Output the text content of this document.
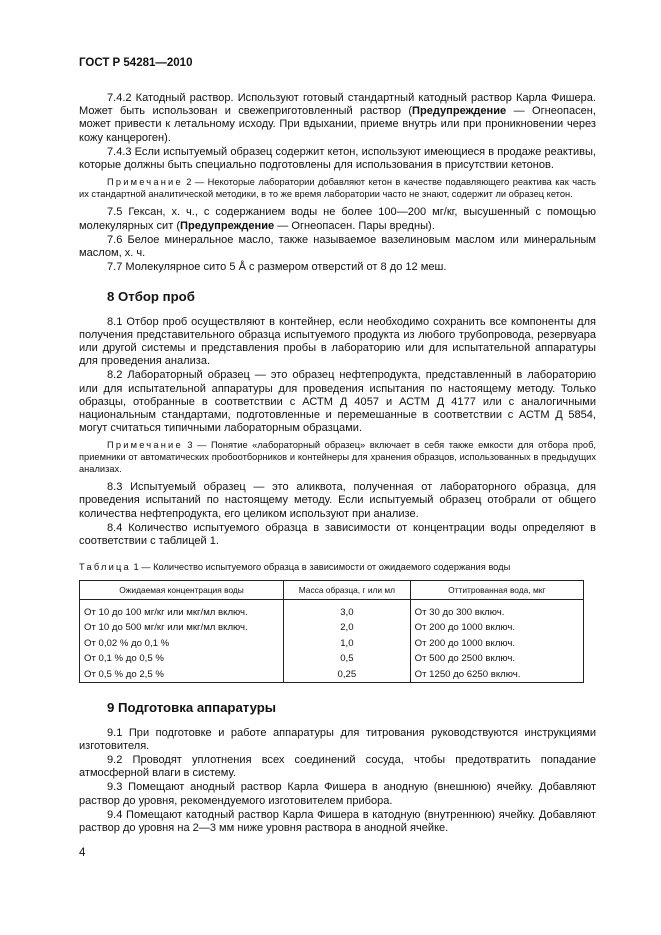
ГОСТ Р 54281—2010

7.4.2 Катодный раствор. Используют готовый стандартный катодный раствор Карла Фишера. Может быть использован и свежеприготовленный раствор (Предупреждение — Огнеопасен, может привести к летальному исходу. При вдыхании, приеме внутрь или при проникновении через кожу канцероген).

7.4.3 Если испытуемый образец содержит кетон, используют имеющиеся в продаже реактивы, которые должны быть специально подготовлены для использования в присутствии кетонов.

Примечание 2 — Некоторые лаборатории добавляют кетон в качестве подавляющего реактива как часть их стандартной аналитической методики, в то же время лаборатории часто не знают, содержит ли образец кетон.

7.5 Гексан, х. ч., с содержанием воды не более 100—200 мг/кг, высушенный с помощью молекулярных сит (Предупреждение — Огнеопасен. Пары вредны).

7.6 Белое минеральное масло, также называемое вазелиновым маслом или минеральным маслом, х. ч.

7.7 Молекулярное сито 5 Å с размером отверстий от 8 до 12 меш.

8 Отбор проб

8.1 Отбор проб осуществляют в контейнер, если необходимо сохранить все компоненты для получения представительного образца испытуемого продукта из любого трубопровода, резервуара или другой системы и представления пробы в лабораторию или для испытательной аппаратуры для проведения анализа.

8.2 Лабораторный образец — это образец нефтепродукта, представленный в лабораторию или для испытательной аппаратуры для проведения испытания по настоящему методу. Только образцы, отобранные в соответствии с АСТМ Д 4057 и АСТМ Д 4177 или с аналогичными национальным стандартами, подготовленные и перемешанные в соответствии с АСТМ Д 5854, могут считаться типичными лабораторным образцами.

Примечание 3 — Понятие «лабораторный образец» включает в себя также емкости для отбора проб, приемники от автоматических пробоотборников и контейнеры для хранения образцов, использованных в предыдущих анализах.

8.3 Испытуемый образец — это аликвота, полученная от лабораторного образца, для проведения испытаний по настоящему методу. Если испытуемый образец отобрали от общего количества нефтепродукта, его целиком используют при анализе.

8.4 Количество испытуемого образца в зависимости от концентрации воды определяют в соответствии с таблицей 1.

Таблица 1 — Количество испытуемого образца в зависимости от ожидаемого содержания воды
Ожидаемая концентрация воды	Масса образца, г или мл	Оттитрованная вода, мкг
От 10 до 100 мг/кг или мкг/мл включ.	3,0	От 30 до 300 включ.
От 10 до 500 мг/кг или мкг/мл включ.	2,0	От 200 до 1000 включ.
От 0,02 % до 0,1 %	1,0	От 200 до 1000 включ.
От 0,1 % до 0,5 %	0,5	От 500 до 2500 включ.
От 0,5 % до 2,5 %	0,25	От 1250 до 6250 включ.
9 Подготовка аппаратуры

9.1 При подготовке и работе аппаратуры для титрования руководствуются инструкциями изготовителя.

9.2 Проводят уплотнения всех соединений сосуда, чтобы предотвратить попадание атмосферной влаги в систему.

9.3 Помещают анодный раствор Карла Фишера в анодную (внешнюю) ячейку. Добавляют раствор до уровня, рекомендуемого изготовителем прибора.

9.4 Помещают катодный раствор Карла Фишера в катодную (внутреннюю) ячейку. Добавляют раствор до уровня на 2—3 мм ниже уровня раствора в анодной ячейке.

4
